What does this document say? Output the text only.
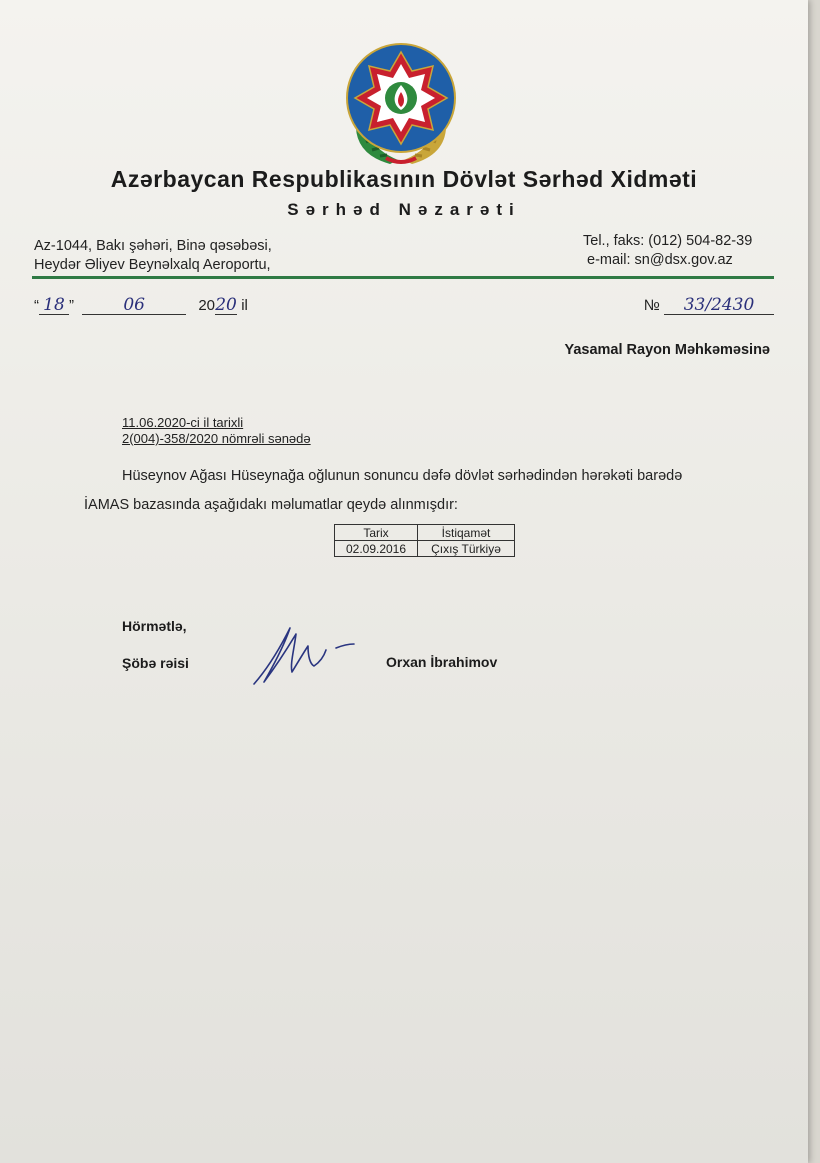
Azərbaycan Respublikasının Dövlət Sərhəd Xidməti
Sərhəd Nəzarəti
Az-1044, Bakı şəhəri, Binə qəsəbəsi,
Heydər Əliyev Beynəlxalq Aeroportu,
Tel., faks: (012) 504-82-39
e-mail: sn@dsx.gov.az
“ 18 ”	06	2020 il	№ 33/2430
Yasamal Rayon Məhkəməsinə
11.06.2020-ci il tarixli
2(004)-358/2020 nömrəli sənədə
Hüseynov Ağası Hüseynağa oğlunun sonuncu dəfə dövlət sərhədindən hərəkəti barədə
İAMAS bazasında aşağıdakı məlumatlar qeydə alınmışdır:
Tarix	İstiqamət
02.09.2016	Çıxış Türkiyə
Hörmətlə,
Şöbə rəisi	Orxan İbrahimov
